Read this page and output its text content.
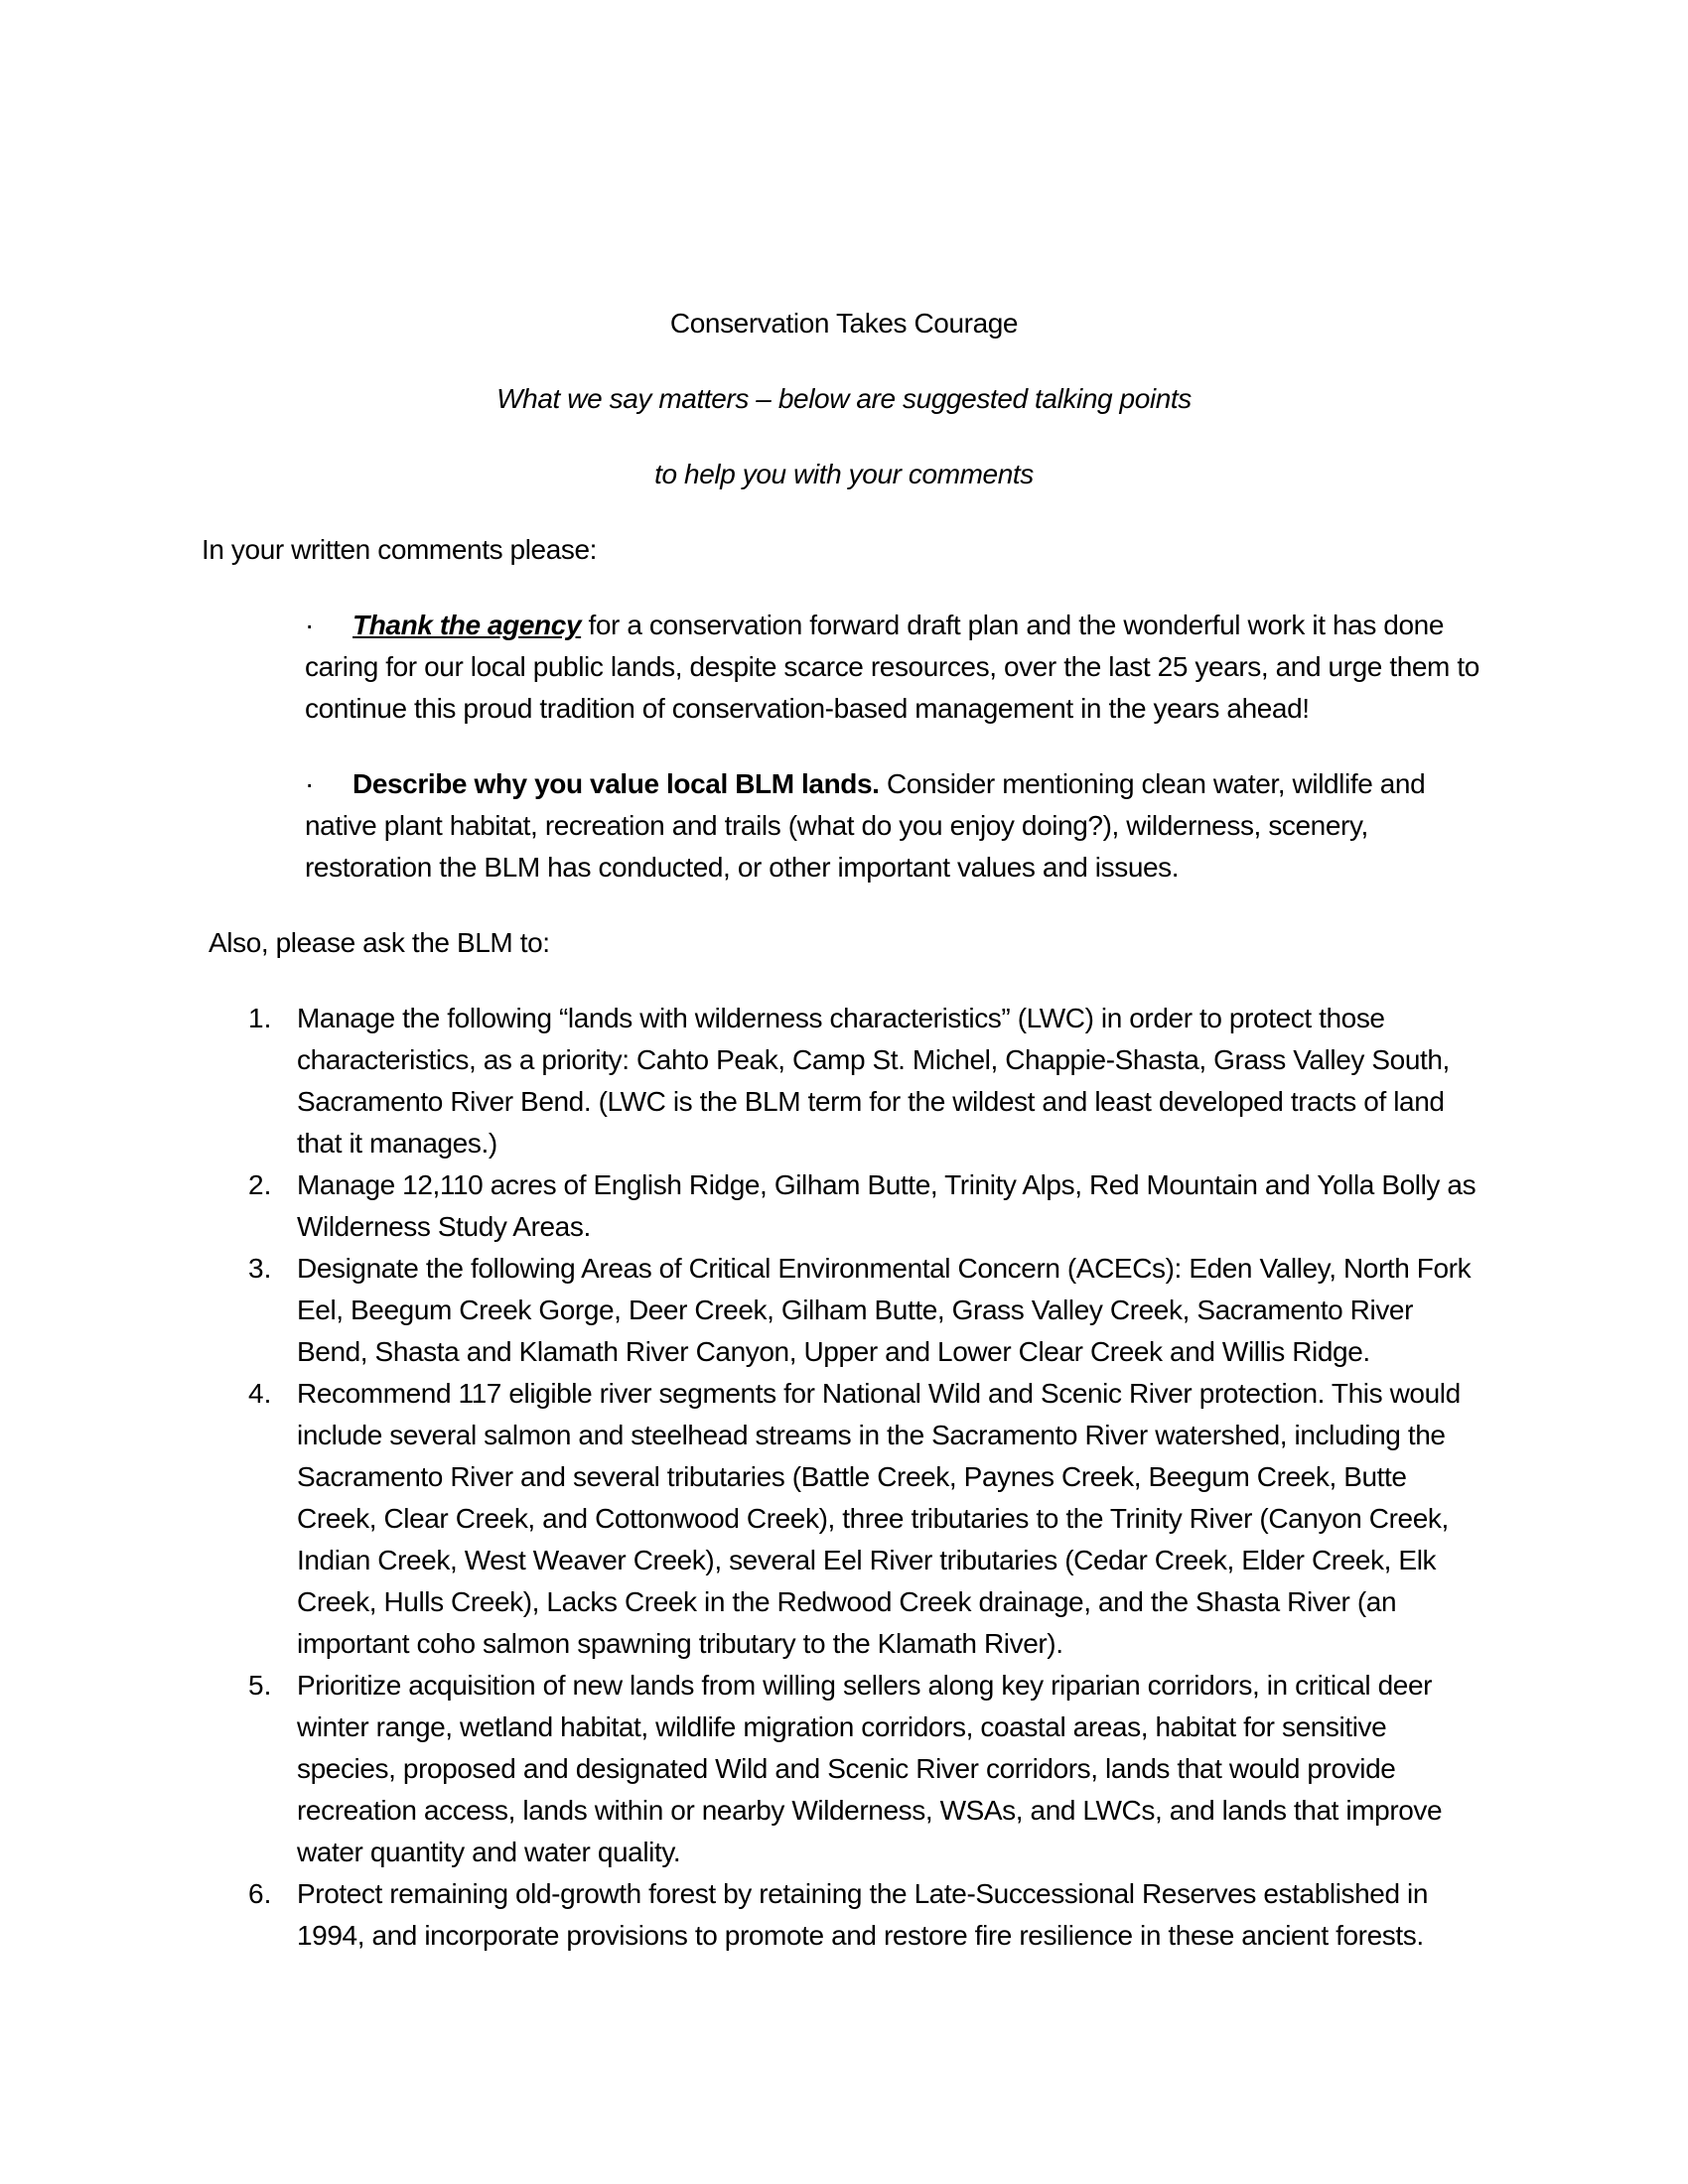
Conservation Takes Courage

What we say matters – below are suggested talking points

to help you with your comments

In your written comments please:

· Thank the agency for a conservation forward draft plan and the wonderful work it has done caring for our local public lands, despite scarce resources, over the last 25 years, and urge them to continue this proud tradition of conservation-based management in the years ahead!

· Describe why you value local BLM lands. Consider mentioning clean water, wildlife and native plant habitat, recreation and trails (what do you enjoy doing?), wilderness, scenery, restoration the BLM has conducted, or other important values and issues.

Also, please ask the BLM to:

1. Manage the following “lands with wilderness characteristics” (LWC) in order to protect those characteristics, as a priority: Cahto Peak, Camp St. Michel, Chappie-Shasta, Grass Valley South, Sacramento River Bend. (LWC is the BLM term for the wildest and least developed tracts of land that it manages.)

2. Manage 12,110 acres of English Ridge, Gilham Butte, Trinity Alps, Red Mountain and Yolla Bolly as Wilderness Study Areas.

3. Designate the following Areas of Critical Environmental Concern (ACECs): Eden Valley, North Fork Eel, Beegum Creek Gorge, Deer Creek, Gilham Butte, Grass Valley Creek, Sacramento River Bend, Shasta and Klamath River Canyon, Upper and Lower Clear Creek and Willis Ridge.

4. Recommend 117 eligible river segments for National Wild and Scenic River protection. This would include several salmon and steelhead streams in the Sacramento River watershed, including the Sacramento River and several tributaries (Battle Creek, Paynes Creek, Beegum Creek, Butte Creek, Clear Creek, and Cottonwood Creek), three tributaries to the Trinity River (Canyon Creek, Indian Creek, West Weaver Creek), several Eel River tributaries (Cedar Creek, Elder Creek, Elk Creek, Hulls Creek), Lacks Creek in the Redwood Creek drainage, and the Shasta River (an important coho salmon spawning tributary to the Klamath River).

5. Prioritize acquisition of new lands from willing sellers along key riparian corridors, in critical deer winter range, wetland habitat, wildlife migration corridors, coastal areas, habitat for sensitive species, proposed and designated Wild and Scenic River corridors, lands that would provide recreation access, lands within or nearby Wilderness, WSAs, and LWCs, and lands that improve water quantity and water quality.

6. Protect remaining old-growth forest by retaining the Late-Successional Reserves established in 1994, and incorporate provisions to promote and restore fire resilience in these ancient forests.
